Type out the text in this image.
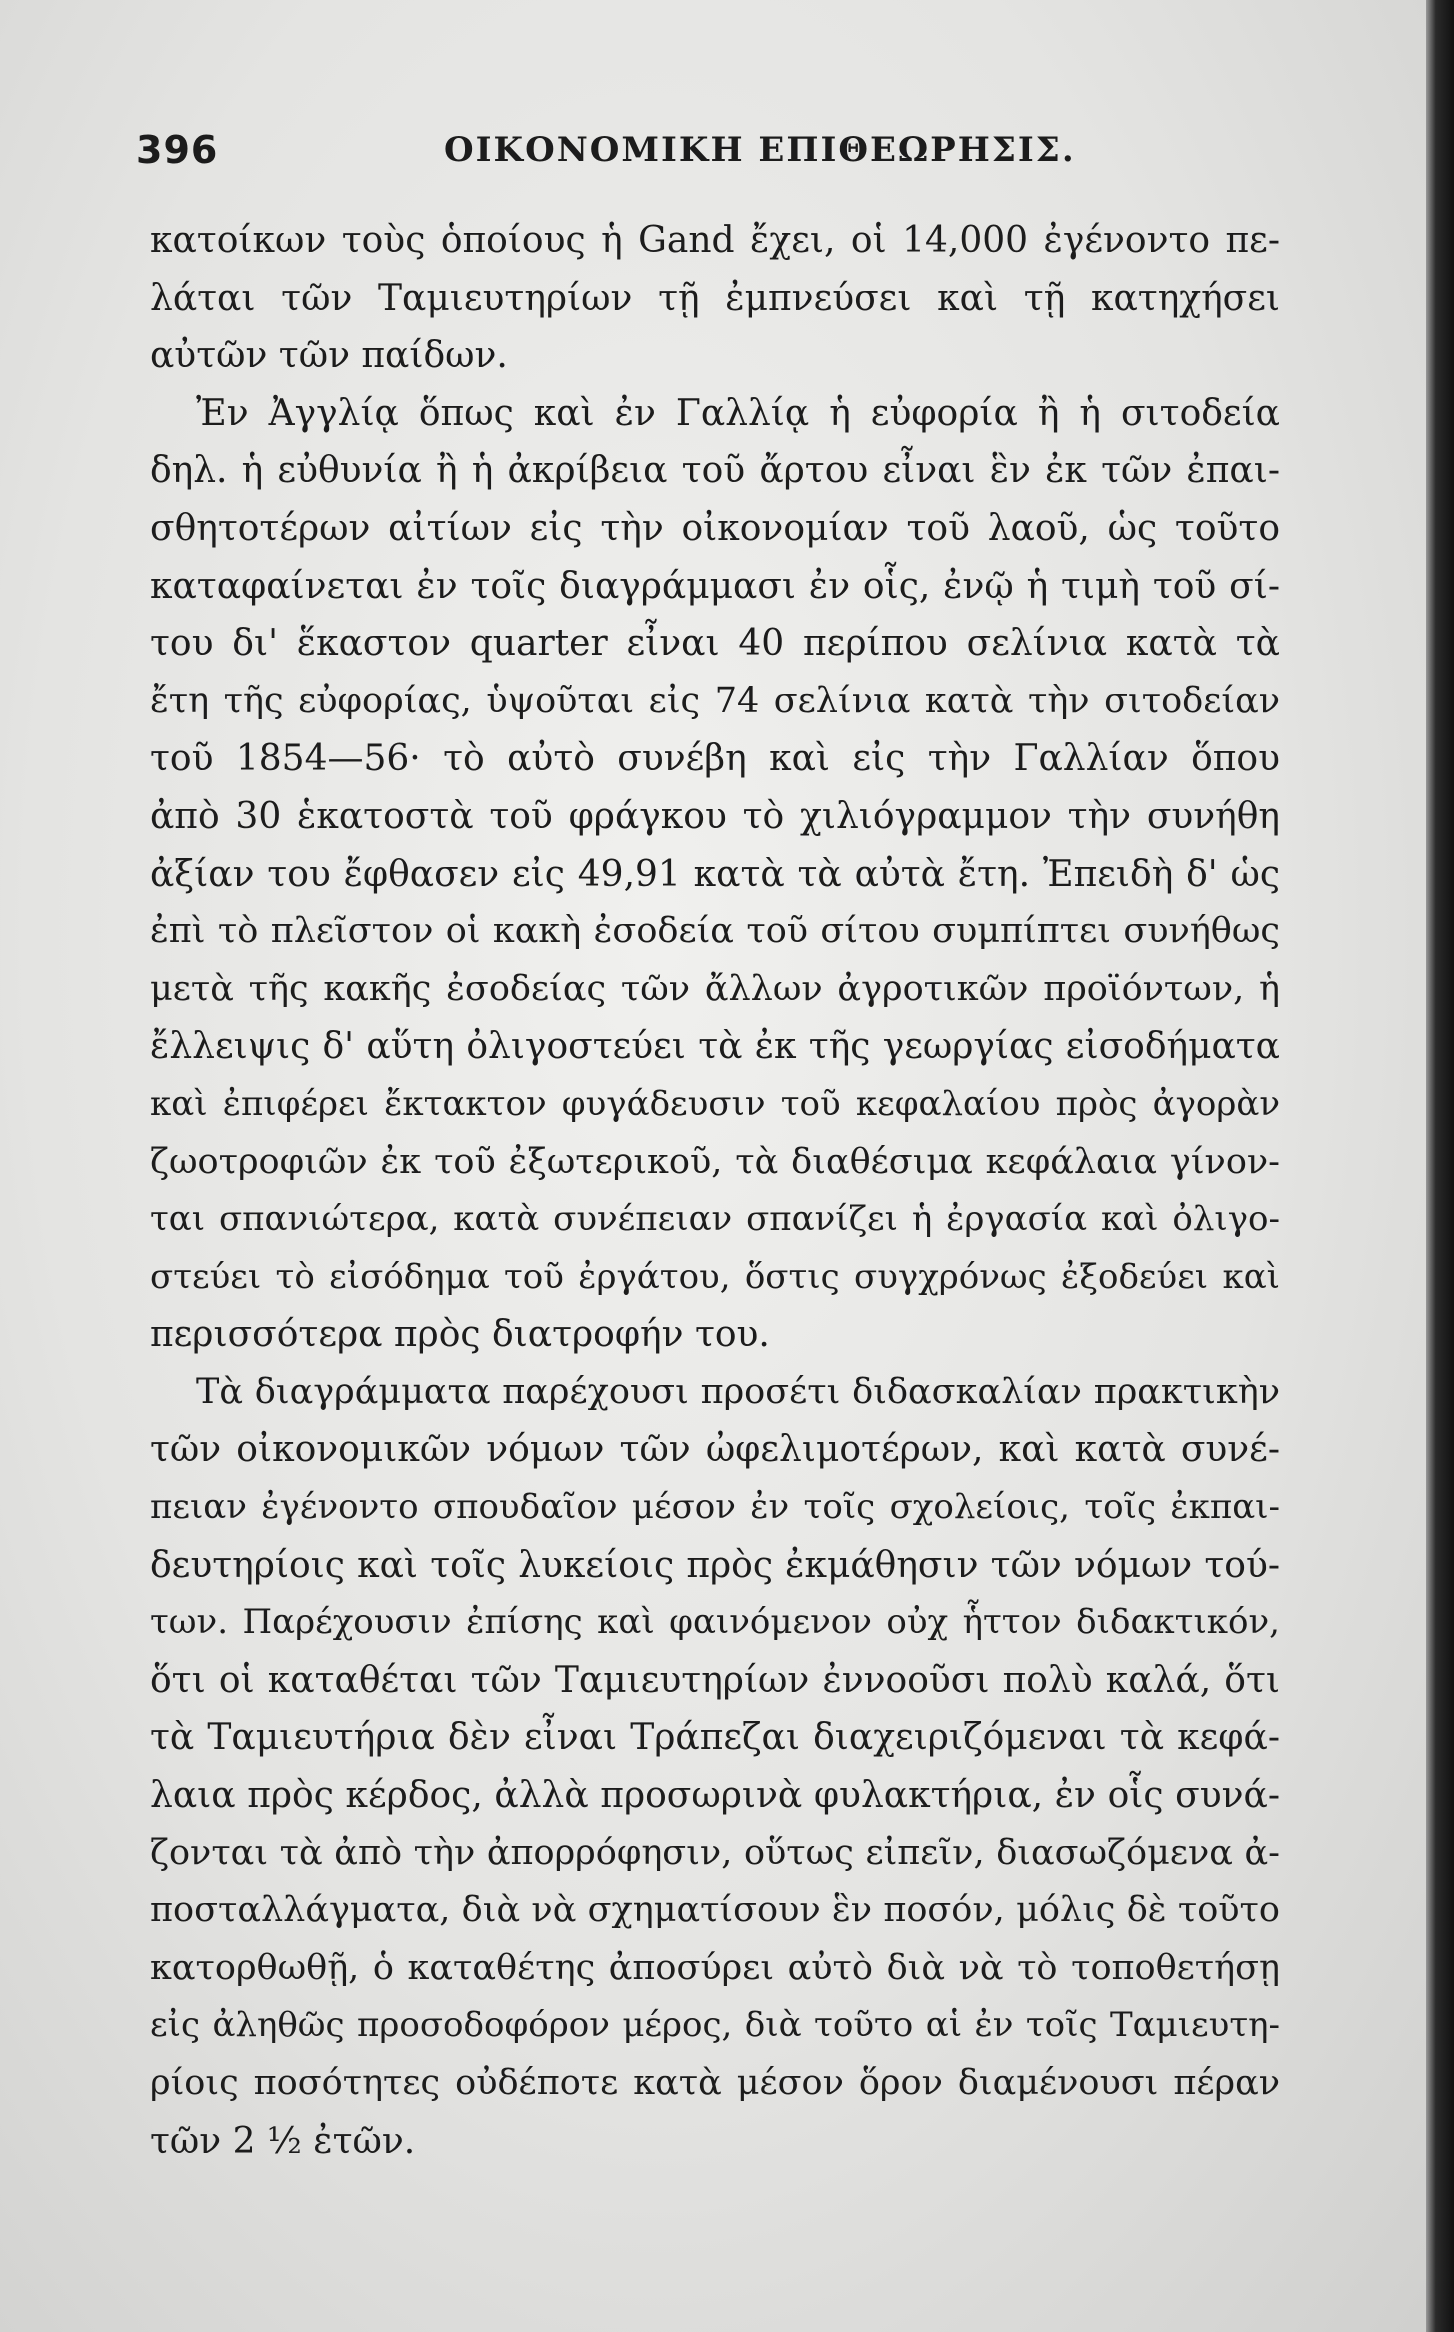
396	ΟΙΚΟΝΟΜΙΚΗ ΕΠΙΘΕΩΡΗΣΙΣ.
κατοίκων τοὺς ὁποίους ἡ Gand ἔχει, οἱ 14,000 ἐγένοντο πε-
λάται τῶν Ταμιευτηρίων τῇ ἐμπνεύσει καὶ τῇ κατηχήσει
αὐτῶν τῶν παίδων.
Ἐν Ἀγγλίᾳ ὅπως καὶ ἐν Γαλλίᾳ ἡ εὐφορία ἢ ἡ σιτοδεία
δηλ. ἡ εὐθυνία ἢ ἡ ἀκρίβεια τοῦ ἄρτου εἶναι ἓν ἐκ τῶν ἐπαι-
σθητοτέρων αἰτίων εἰς τὴν οἰκονομίαν τοῦ λαοῦ, ὡς τοῦτο
καταφαίνεται ἐν τοῖς διαγράμμασι ἐν οἷς, ἐνῷ ἡ τιμὴ τοῦ σί-
του δι' ἕκαστον quarter εἶναι 40 περίπου σελίνια κατὰ τὰ
ἔτη τῆς εὐφορίας, ὑψοῦται εἰς 74 σελίνια κατὰ τὴν σιτοδείαν
τοῦ 1854—56· τὸ αὐτὸ συνέβη καὶ εἰς τὴν Γαλλίαν ὅπου
ἀπὸ 30 ἑκατοστὰ τοῦ φράγκου τὸ χιλιόγραμμον τὴν συνήθη
ἀξίαν του ἔφθασεν εἰς 49,91 κατὰ τὰ αὐτὰ ἔτη. Ἐπειδὴ δ' ὡς
ἐπὶ τὸ πλεῖστον οἱ κακὴ ἐσοδεία τοῦ σίτου συμπίπτει συνήθως
μετὰ τῆς κακῆς ἐσοδείας τῶν ἄλλων ἀγροτικῶν προϊόντων, ἡ
ἔλλειψις δ' αὕτη ὀλιγοστεύει τὰ ἐκ τῆς γεωργίας εἰσοδήματα
καὶ ἐπιφέρει ἔκτακτον φυγάδευσιν τοῦ κεφαλαίου πρὸς ἀγορὰν
ζωοτροφιῶν ἐκ τοῦ ἐξωτερικοῦ, τὰ διαθέσιμα κεφάλαια γίνον-
ται σπανιώτερα, κατὰ συνέπειαν σπανίζει ἡ ἐργασία καὶ ὀλιγο-
στεύει τὸ εἰσόδημα τοῦ ἐργάτου, ὅστις συγχρόνως ἐξοδεύει καὶ
περισσότερα πρὸς διατροφήν του.
Τὰ διαγράμματα παρέχουσι προσέτι διδασκαλίαν πρακτικὴν
τῶν οἰκονομικῶν νόμων τῶν ὠφελιμοτέρων, καὶ κατὰ συνέ-
πειαν ἐγένοντο σπουδαῖον μέσον ἐν τοῖς σχολείοις, τοῖς ἐκπαι-
δευτηρίοις καὶ τοῖς λυκείοις πρὸς ἐκμάθησιν τῶν νόμων τού-
των. Παρέχουσιν ἐπίσης καὶ φαινόμενον οὐχ ἧττον διδακτικόν,
ὅτι οἱ καταθέται τῶν Ταμιευτηρίων ἐννοοῦσι πολὺ καλά, ὅτι
τὰ Ταμιευτήρια δὲν εἶναι Τράπεζαι διαχειριζόμεναι τὰ κεφά-
λαια πρὸς κέρδος, ἀλλὰ προσωρινὰ φυλακτήρια, ἐν οἷς συνά-
ζονται τὰ ἀπὸ τὴν ἀπορρόφησιν, οὕτως εἰπεῖν, διασωζόμενα ἀ-
ποσταλλάγματα, διὰ νὰ σχηματίσουν ἓν ποσόν, μόλις δὲ τοῦτο
κατορθωθῇ, ὁ καταθέτης ἀποσύρει αὐτὸ διὰ νὰ τὸ τοποθετήσῃ
εἰς ἀληθῶς προσοδοφόρον μέρος, διὰ τοῦτο αἱ ἐν τοῖς Ταμιευτη-
ρίοις ποσότητες οὐδέποτε κατὰ μέσον ὅρον διαμένουσι πέραν
τῶν 2 ½ ἐτῶν.
